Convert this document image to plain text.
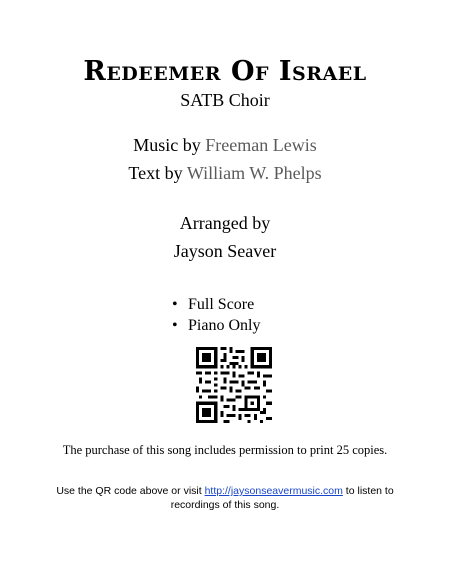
Redeemer Of Israel
SATB Choir
Music by Freeman Lewis
Text by William W. Phelps
Arranged by
Jayson Seaver
• Full Score
• Piano Only
The purchase of this song includes permission to print 25 copies.
Use the QR code above or visit http://jaysonseavermusic.com to listen to recordings of this song.
